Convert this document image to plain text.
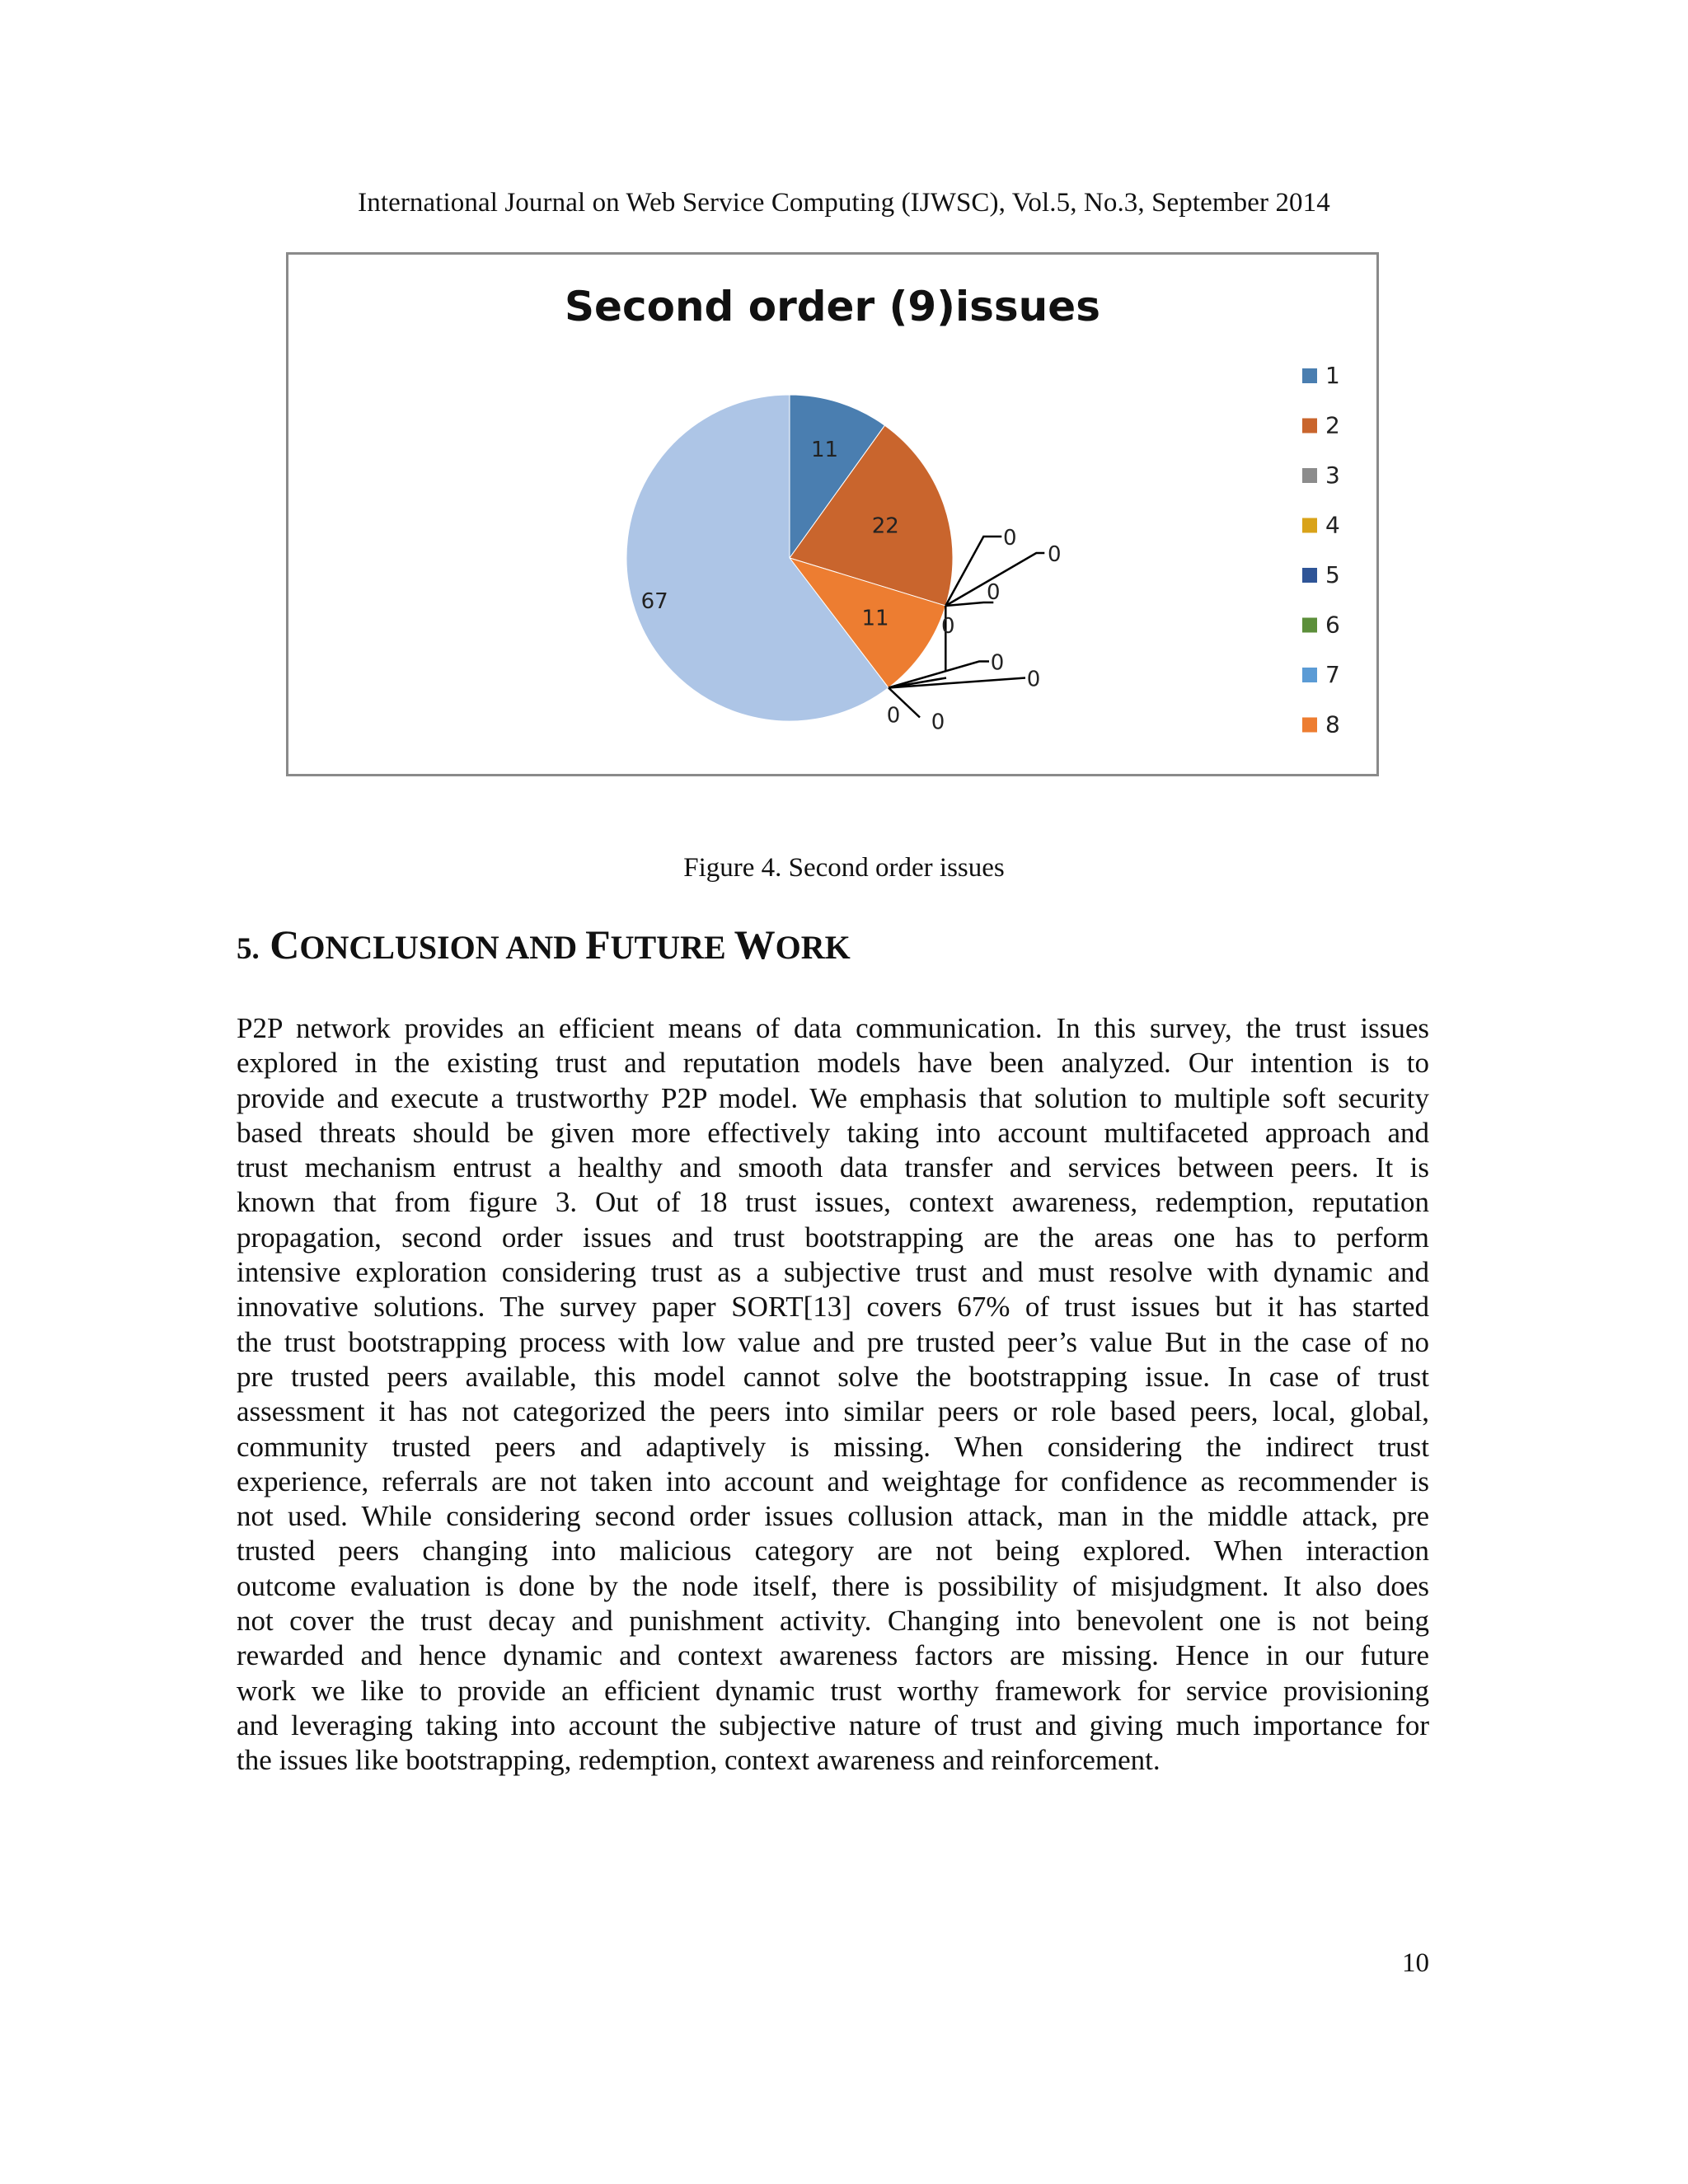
International Journal on Web Service Computing (IJWSC), Vol.5, No.3, September 2014
Second order (9)issues
11
22
11
67
0
0
0
0
0
0
0 0
1
2
3
4
5
6
7
8
Figure 4. Second order issues
5. CONCLUSION AND FUTURE WORK
P2P network provides an efficient means of data communication. In this survey, the trust issues
explored in the existing trust and reputation models have been analyzed. Our intention is to
provide and execute a trustworthy P2P model. We emphasis that solution to multiple soft security
based threats should be given more effectively taking into account multifaceted approach and
trust mechanism entrust a healthy and smooth data transfer and services between peers. It is
known that from figure 3. Out of 18 trust issues, context awareness, redemption, reputation
propagation, second order issues and trust bootstrapping are the areas one has to perform
intensive exploration considering trust as a subjective trust and must resolve with dynamic and
innovative solutions. The survey paper SORT[13] covers 67% of trust issues but it has started
the trust bootstrapping process with low value and pre trusted peer’s value But in the case of no
pre trusted peers available, this model cannot solve the bootstrapping issue. In case of trust
assessment it has not categorized the peers into similar peers or role based peers, local, global,
community trusted peers and adaptively is missing. When considering the indirect trust
experience, referrals are not taken into account and weightage for confidence as recommender is
not used. While considering second order issues collusion attack, man in the middle attack, pre
trusted peers changing into malicious category are not being explored. When interaction
outcome evaluation is done by the node itself, there is possibility of misjudgment. It also does
not cover the trust decay and punishment activity. Changing into benevolent one is not being
rewarded and hence dynamic and context awareness factors are missing. Hence in our future
work we like to provide an efficient dynamic trust worthy framework for service provisioning
and leveraging taking into account the subjective nature of trust and giving much importance for
the issues like bootstrapping, redemption, context awareness and reinforcement.
10
